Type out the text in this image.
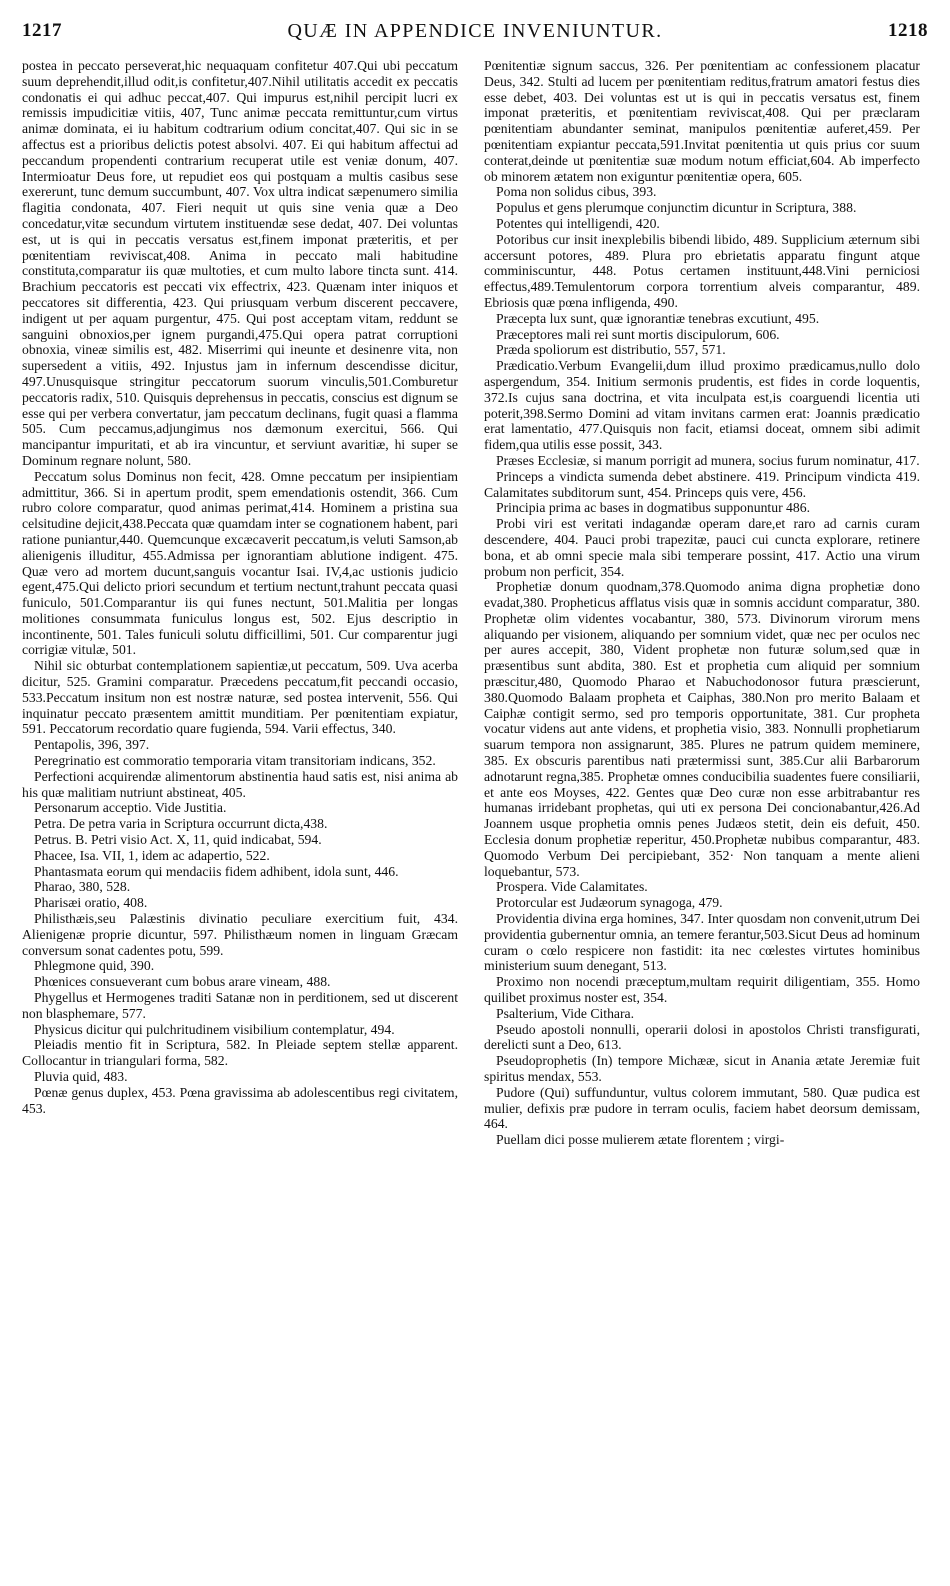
1217	QUÆ IN APPENDICE INVENIUNTUR.	1218

postea in peccato perseverat,hic nequaquam confitetur 407.Qui ubi peccatum suum deprehendit,illud odit,is confitetur,407.Nihil utilitatis accedit ex peccatis condonatis ei qui adhuc peccat,407. Qui impurus est,nihil percipit lucri ex remissis impudicitiæ vitiis, 407, Tunc animæ peccata remittuntur,cum virtus animæ dominata, ei iu habitum codtrarium odium concitat,407. Qui sic in se affectus est a prioribus delictis potest absolvi. 407. Ei qui habitum affectui ad peccandum propendenti contrarium recuperat utile est veniæ donum, 407. Intermioatur Deus fore, ut repudiet eos qui postquam a multis casibus sese exererunt, tunc demum succumbunt, 407. Vox ultra indicat sæpenumero similia flagitia condonata, 407. Fieri nequit ut quis sine venia quæ a Deo concedatur,vitæ secundum virtutem instituendæ sese dedat, 407. Dei voluntas est, ut is qui in peccatis versatus est,finem imponat præteritis, et per pœnitentiam reviviscat,408. Anima in peccato mali habitudine constituta,comparatur iis quæ multoties, et cum multo labore tincta sunt. 414. Brachium peccatoris est peccati vix effectrix, 423. Quænam inter iniquos et peccatores sit differentia, 423. Qui priusquam verbum discerent peccavere, indigent ut per aquam purgentur, 475. Qui post acceptam vitam, reddunt se sanguini obnoxios,per ignem purgandi,475.Qui opera patrat corruptioni obnoxia, vineæ similis est, 482. Miserrimi qui ineunte et desinenre vita, non supersedent a vitiis, 492. Injustus jam in infernum descendisse dicitur, 497.Unusquisque stringitur peccatorum suorum vinculis,501.Comburetur peccatoris radix, 510. Quisquis deprehensus in peccatis, conscius est dignum se esse qui per verbera convertatur, jam peccatum declinans, fugit quasi a flamma 505. Cum peccamus,adjungimus nos dæmonum exercitui, 566. Qui mancipantur impuritati, et ab ira vincuntur, et serviunt avaritiæ, hi super se Dominum regnare nolunt, 580.

Peccatum solus Dominus non fecit, 428. Omne peccatum per insipientiam admittitur, 366. Si in apertum prodit, spem emendationis ostendit, 366. Cum rubro colore comparatur, quod animas perimat,414. Hominem a pristina sua celsitudine dejicit,438.Peccata quæ quamdam inter se cognationem habent, pari ratione puniantur,440. Quemcunque excæcaverit peccatum,is veluti Samson,ab alienigenis illuditur, 455.Admissa per ignorantiam ablutione indigent. 475. Quæ vero ad mortem ducunt,sanguis vocantur Isai. IV,4,ac ustionis judicio egent,475.Qui delicto priori secundum et tertium nectunt,trahunt peccata quasi funiculo, 501.Comparantur iis qui funes nectunt, 501.Malitia per longas molitiones consummata funiculus longus est, 502. Ejus descriptio in incontinente, 501. Tales funiculi solutu difficillimi, 501. Cur comparentur jugi corrigiæ vitulæ, 501.

Nihil sic obturbat contemplationem sapientiæ,ut peccatum, 509. Uva acerba dicitur, 525. Gramini comparatur. Præcedens peccatum,fit peccandi occasio, 533.Peccatum insitum non est nostræ naturæ, sed postea intervenit, 556. Qui inquinatur peccato præsentem amittit munditiam. Per pœnitentiam expiatur, 591. Peccatorum recordatio quare fugienda, 594. Varii effectus, 340.

Pentapolis, 396, 397.

Peregrinatio est commoratio temporaria vitam transitoriam indicans, 352.

Perfectioni acquirendæ alimentorum abstinentia haud satis est, nisi anima ab his quæ malitiam nutriunt abstineat, 405.

Personarum acceptio. Vide Justitia.

Petra. De petra varia in Scriptura occurrunt dicta,438.

Petrus. B. Petri visio Act. X, 11, quid indicabat, 594.

Phacee, Isa. VII, 1, idem ac adapertio, 522.

Phantasmata eorum qui mendaciis fidem adhibent, idola sunt, 446.

Pharao, 380, 528.

Pharisæi oratio, 408.

Philisthæis,seu Palæstinis divinatio peculiare exercitium fuit, 434. Alienigenæ proprie dicuntur, 597. Philisthæum nomen in linguam Græcam conversum sonat cadentes potu, 599.

Phlegmone quid, 390.

Phœnices consueverant cum bobus arare vineam, 488.

Phygellus et Hermogenes traditi Satanæ non in perditionem, sed ut discerent non blasphemare, 577.

Physicus dicitur qui pulchritudinem visibilium contemplatur, 494.

Pleiadis mentio fit in Scriptura, 582. In Pleiade septem stellæ apparent. Collocantur in triangulari forma, 582.

Pluvia quid, 483.

Pœnæ genus duplex, 453. Pœna gravissima ab adolescentibus regi civitatem, 453.

Pœnitentiæ signum saccus, 326. Per pœnitentiam ac confessionem placatur Deus, 342. Stulti ad lucem per pœnitentiam reditus,fratrum amatori festus dies esse debet, 403. Dei voluntas est ut is qui in peccatis versatus est, finem imponat præteritis, et pœnitentiam reviviscat,408. Qui per præclaram pœnitentiam abundanter seminat, manipulos pœnitentiæ auferet,459. Per pœnitentiam expiantur peccata,591.Invitat pœnitentia ut quis prius cor suum conterat,deinde ut pœnitentiæ suæ modum notum efficiat,604. Ab imperfecto ob minorem ætatem non exiguntur pœnitentiæ opera, 605.

Poma non solidus cibus, 393.

Populus et gens plerumque conjunctim dicuntur in Scriptura, 388.

Potentes qui intelligendi, 420.

Potoribus cur insit inexplebilis bibendi libido, 489. Supplicium æternum sibi accersunt potores, 489. Plura pro ebrietatis apparatu fingunt atque comminiscuntur, 448. Potus certamen instituunt,448.Vini perniciosi effectus,489.Temulentorum corpora torrentium alveis comparantur, 489. Ebriosis quæ pœna infligenda, 490.

Præcepta lux sunt, quæ ignorantiæ tenebras excutiunt, 495.

Præceptores mali rei sunt mortis discipulorum, 606.

Præda spoliorum est distributio, 557, 571.

Prædicatio.Verbum Evangelii,dum illud proximo prædicamus,nullo dolo aspergendum, 354. Initium sermonis prudentis, est fides in corde loquentis, 372.Is cujus sana doctrina, et vita inculpata est,is coarguendi licentia uti poterit,398.Sermo Domini ad vitam invitans carmen erat: Joannis prædicatio erat lamentatio, 477.Quisquis non facit, etiamsi doceat, omnem sibi adimit fidem,qua utilis esse possit, 343.

Præses Ecclesiæ, si manum porrigit ad munera, socius furum nominatur, 417.

Princeps a vindicta sumenda debet abstinere. 419. Principum vindicta 419. Calamitates subditorum sunt, 454. Princeps quis vere, 456.

Principia prima ac bases in dogmatibus supponuntur 486.

Probi viri est veritati indagandæ operam dare,et raro ad carnis curam descendere, 404. Pauci probi trapezitæ, pauci cui cuncta explorare, retinere bona, et ab omni specie mala sibi temperare possint, 417. Actio una virum probum non perficit, 354.

Prophetiæ donum quodnam,378.Quomodo anima digna prophetiæ dono evadat,380. Propheticus afflatus visis quæ in somnis accidunt comparatur, 380. Prophetæ olim videntes vocabantur, 380, 573. Divinorum virorum mens aliquando per visionem, aliquando per somnium videt, quæ nec per oculos nec per aures accepit, 380, Vident prophetæ non futuræ solum,sed quæ in præsentibus sunt abdita, 380. Est et prophetia cum aliquid per somnium præscitur,480, Quomodo Pharao et Nabuchodonosor futura præscierunt, 380.Quomodo Balaam propheta et Caiphas, 380.Non pro merito Balaam et Caiphæ contigit sermo, sed pro temporis opportunitate, 381. Cur propheta vocatur videns aut ante videns, et prophetia visio, 383. Nonnulli prophetiarum suarum tempora non assignarunt, 385. Plures ne patrum quidem meminere, 385. Ex obscuris parentibus nati prætermissi sunt, 385.Cur alii Barbarorum adnotarunt regna,385. Prophetæ omnes conducibilia suadentes fuere consiliarii, et ante eos Moyses, 422. Gentes quæ Deo curæ non esse arbitrabantur res humanas irridebant prophetas, qui uti ex persona Dei concionabantur,426.Ad Joannem usque prophetia omnis penes Judæos stetit, dein eis defuit, 450. Ecclesia donum prophetiæ reperitur, 450.Prophetæ nubibus comparantur, 483. Quomodo Verbum Dei percipiebant, 352· Non tanquam a mente alieni loquebantur, 573.

Prospera. Vide Calamitates.

Protorcular est Judæorum synagoga, 479.

Providentia divina erga homines, 347. Inter quosdam non convenit,utrum Dei providentia gubernentur omnia, an temere ferantur,503.Sicut Deus ad hominum curam o cœlo respicere non fastidit: ita nec cœlestes virtutes hominibus ministerium suum denegant, 513.

Proximo non nocendi præceptum,multam requirit diligentiam, 355. Homo quilibet proximus noster est, 354.

Psalterium, Vide Cithara.

Pseudo apostoli nonnulli, operarii dolosi in apostolos Christi transfigurati, derelicti sunt a Deo, 613.

Pseudoprophetis (In) tempore Michææ, sicut in Anania ætate Jeremiæ fuit spiritus mendax, 553.

Pudore (Qui) suffunduntur, vultus colorem immutant, 580. Quæ pudica est mulier, defixis præ pudore in terram oculis, faciem habet deorsum demissam, 464.

Puellam dici posse mulierem ætate florentem ; virgi-
